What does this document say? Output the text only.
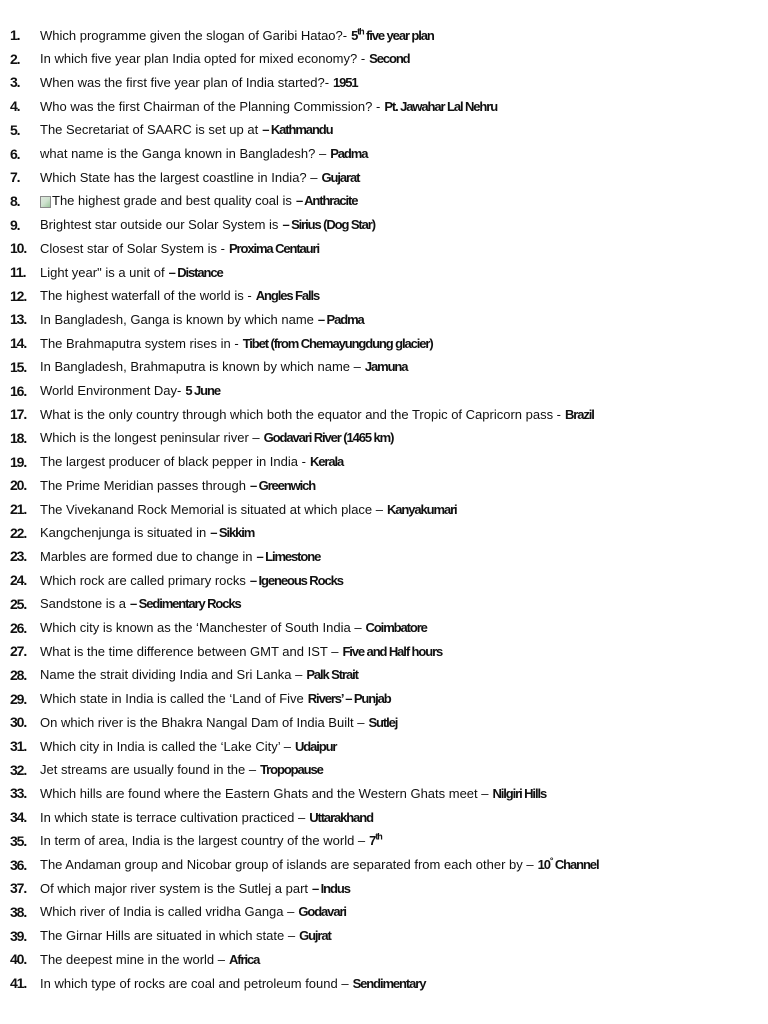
1.	Which programme given the slogan of Garibi Hatao?- 5th five year plan
2.	In which five year plan India opted for mixed economy? - Second
3.	When was the first five year plan of India started?- 1951
4.	Who was the first Chairman of the Planning Commission? - Pt. Jawahar Lal Nehru
5.	The Secretariat of SAARC is set up at – Kathmandu
6.	what name is the Ganga known in Bangladesh? – Padma
7.	Which State has the largest coastline in India? – Gujarat
8.	The highest grade and best quality coal is – Anthracite
9.	Brightest star outside our Solar System is – Sirius (Dog Star)
10.	Closest star of Solar System is - Proxima Centauri
11.	Light year" is a unit of – Distance
12.	The highest waterfall of the world is - Angles Falls
13.	In Bangladesh, Ganga is known by which name – Padma
14.	The Brahmaputra system rises in - Tibet (from Chemayungdung glacier)
15.	In Bangladesh, Brahmaputra is known by which name – Jamuna
16.	World Environment Day- 5 June
17.	What is the only country through which both the equator and the Tropic of Capricorn pass - Brazil
18.	Which is the longest peninsular river – Godavari River (1465 km)
19.	The largest producer of black pepper in India - Kerala
20.	The Prime Meridian passes through – Greenwich
21.	The Vivekanand Rock Memorial is situated at which place – Kanyakumari
22.	Kangchenjunga is situated in – Sikkim
23.	Marbles are formed due to change in – Limestone
24.	Which rock are called primary rocks – Igeneous Rocks
25.	Sandstone is a – Sedimentary Rocks
26.	Which city is known as the ‘Manchester of South India – Coimbatore
27.	What is the time difference between GMT and IST – Five and Half hours
28.	Name the strait dividing India and Sri Lanka – Palk Strait
29.	Which state in India is called the ‘Land of Five Rivers’ – Punjab
30.	On which river is the Bhakra Nangal Dam of India Built – Sutlej
31.	Which city in India is called the ‘Lake City’ – Udaipur
32.	Jet streams are usually found in the – Tropopause
33.	Which hills are found where the Eastern Ghats and the Western Ghats meet – Nilgiri Hills
34.	In which state is terrace cultivation practiced – Uttarakhand
35.	In term of area, India is the largest country of the world – 7th
36.	The Andaman group and Nicobar group of islands are separated from each other by – 10° Channel
37.	Of which major river system is the Sutlej a part – Indus
38.	Which river of India is called vridha Ganga – Godavari
39.	The Girnar Hills are situated in which state – Gujrat
40.	The deepest mine in the world – Africa
41.	In which type of rocks are coal and petroleum found – Sendimentary
